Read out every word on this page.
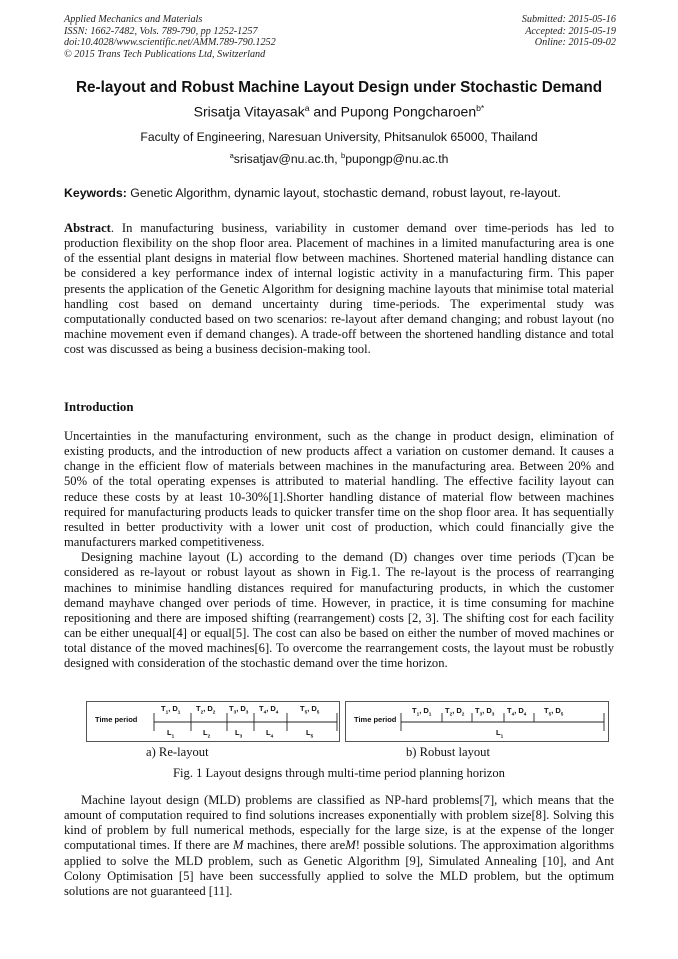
Applied Mechanics and Materials
ISSN: 1662-7482, Vols. 789-790, pp 1252-1257
doi:10.4028/www.scientific.net/AMM.789-790.1252
© 2015 Trans Tech Publications Ltd, Switzerland
Submitted: 2015-05-16
Accepted: 2015-05-19
Online: 2015-09-02
Re-layout and Robust Machine Layout Design under Stochastic Demand
Srisatja Vitayasak$^a$ and Pupong Pongcharoen$^{b*}$
Faculty of Engineering, Naresuan University, Phitsanulok 65000, Thailand
$^a$srisatjav@nu.ac.th, $^b$pupongp@nu.ac.th
Keywords: Genetic Algorithm, dynamic layout, stochastic demand, robust layout, re-layout.

Abstract. In manufacturing business, variability in customer demand over time-periods has led to production flexibility on the shop floor area. Placement of machines in a limited manufacturing area is one of the essential plant designs in material flow between machines. Shortened material handling distance can be considered a key performance index of internal logistic activity in a manufacturing firm. This paper presents the application of the Genetic Algorithm for designing machine layouts that minimise total material handling cost based on demand uncertainty during time-periods. The experimental study was computationally conducted based on two scenarios: re-layout after demand changing; and robust layout (no machine movement even if demand changes). A trade-off between the shortened handling distance and total cost was discussed as being a business decision-making tool.

Introduction

Uncertainties in the manufacturing environment, such as the change in product design, elimination of existing products, and the introduction of new products affect a variation on customer demand. It causes a change in the efficient flow of materials between machines in the manufacturing area. Between 20% and 50% of the total operating expenses is attributed to material handling. The effective facility layout can reduce these costs by at least 10-30%[1].Shorter handling distance of material flow between machines required for manufacturing products leads to quicker transfer time on the shop floor area. It has sequentially resulted in better productivity with a lower unit cost of production, which could financially give the manufacturers marked competitiveness.

Designing machine layout (L) according to the demand (D) changes over time periods (T)can be considered as re-layout or robust layout as shown in Fig.1. The re-layout is the process of rearranging machines to minimise handling distances required for manufacturing products, in which the customer demand mayhave changed over periods of time. However, in practice, it is time consuming for machine repositioning and there are imposed shifting (rearrangement) costs [2, 3]. The shifting cost for each facility can be either unequal[4] or equal[5]. The cost can also be based on either the number of moved machines or total distance of the moved machines[6]. To overcome the rearrangement costs, the layout must be robustly designed with consideration of the stochastic demand over the time horizon.

Time period
$T_1$, $D_1$ $T_2$, $D_2$ $T_3$, $D_3$ $T_4$, $D_4$	$T_5$, $D_5$
$L_1$	$L_2$	$L_3$	$L_4$	$L_5$
Time period
$T_1$, $D_1$ $T_2$, $D_2$ $T_3$, $D_3$ $T_4$, $D_4$ $T_5$, $D_5$
$L_1$
a) Re-layout	b) Robust layout
Fig. 1 Layout designs through multi-time period planning horizon

Machine layout design (MLD) problems are classified as NP-hard problems[7], which means that the amount of computation required to find solutions increases exponentially with problem size[8]. Solving this kind of problem by full numerical methods, especially for the large size, is at the expense of the longer computational times. If there are M machines, there areM! possible solutions. The approximation algorithms applied to solve the MLD problem, such as Genetic Algorithm [9], Simulated Annealing [10], and Ant Colony Optimisation [5] have been successfully applied to solve the MLD problem, but the optimum solutions are not guaranteed [11].
